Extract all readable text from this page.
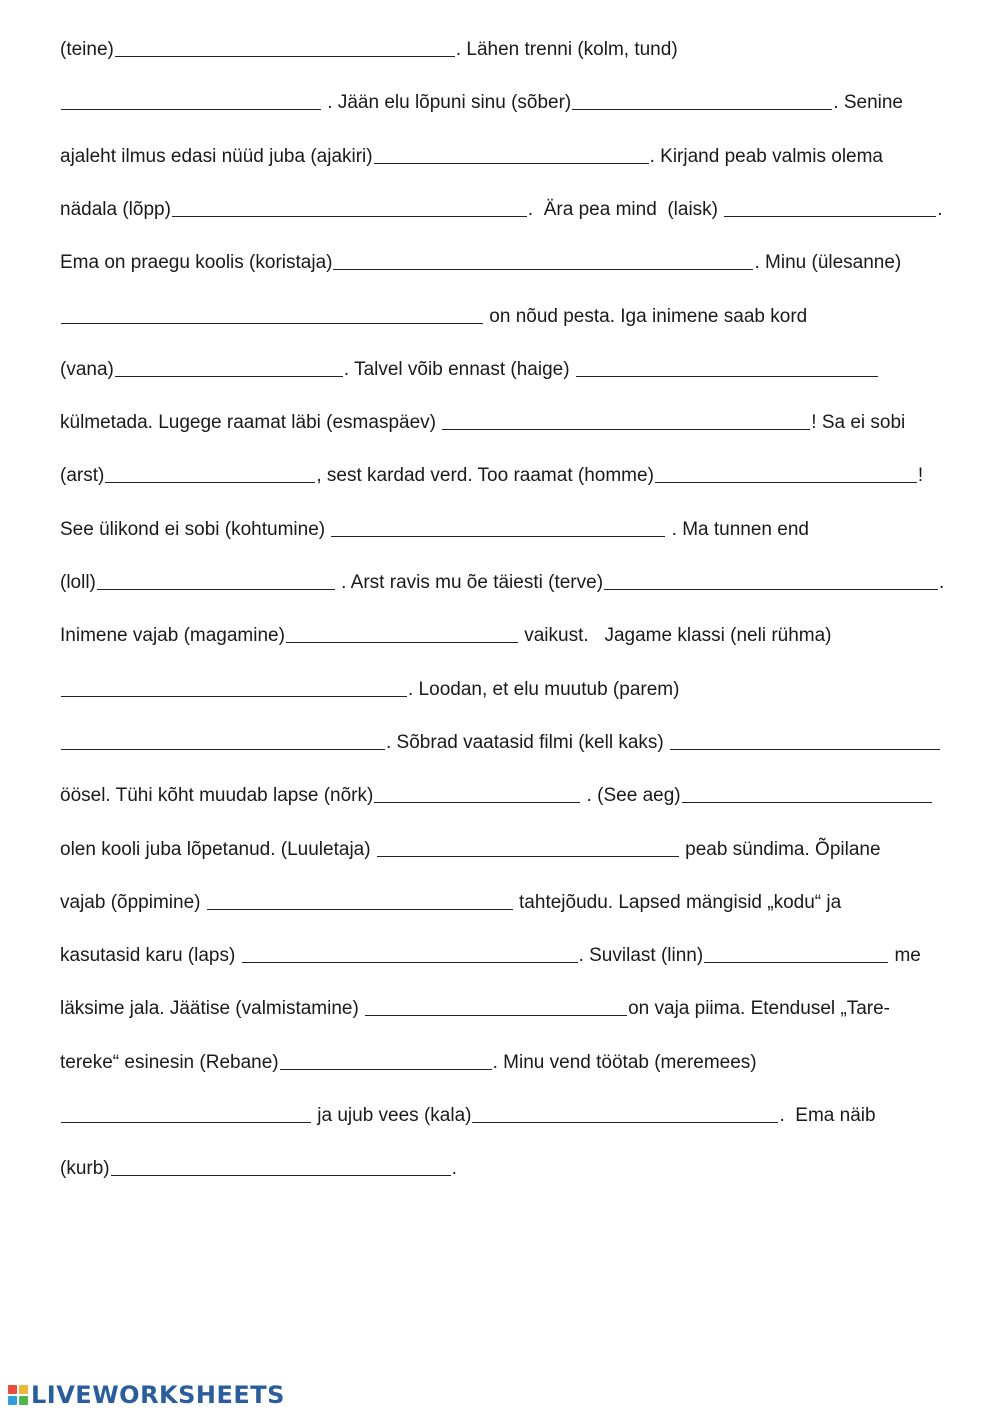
(teine)	. Lähen trenni (kolm, tund)
. Jään elu lõpuni sinu (sõber)	. Senine
ajaleht ilmus edasi nüüd juba (ajakiri)	. Kirjand peab valmis olema
nädala (lõpp)	.  Ära pea mind  (laisk)	.
Ema on praegu koolis (koristaja)	. Minu (ülesanne)
on nõud pesta. Iga inimene saab kord
(vana)	. Talvel võib ennast (haige)
külmetada. Lugege raamat läbi (esmaspäev)	! Sa ei sobi
(arst)	, sest kardad verd. Too raamat (homme)	!
See ülikond ei sobi (kohtumine)	. Ma tunnen end
(loll)	. Arst ravis mu õe täiesti (terve)	.
Inimene vajab (magamine)	vaikust.   Jagame klassi (neli rühma)
. Loodan, et elu muutub (parem)
. Sõbrad vaatasid filmi (kell kaks)
öösel. Tühi kõht muudab lapse (nõrk)	. (See aeg)
olen kooli juba lõpetanud. (Luuletaja)	peab sündima. Õpilane
vajab (õppimine)	tahtejõudu. Lapsed mängisid „kodu“ ja
kasutasid karu (laps)	. Suvilast (linn)	me
läksime jala. Jäätise (valmistamine)	on vaja piima. Etendusel „Tare-
tereke“ esinesin (Rebane)	. Minu vend töötab (meremees)
ja ujub vees (kala)	.  Ema näib
(kurb)	.
LIVEWORKSHEETS
